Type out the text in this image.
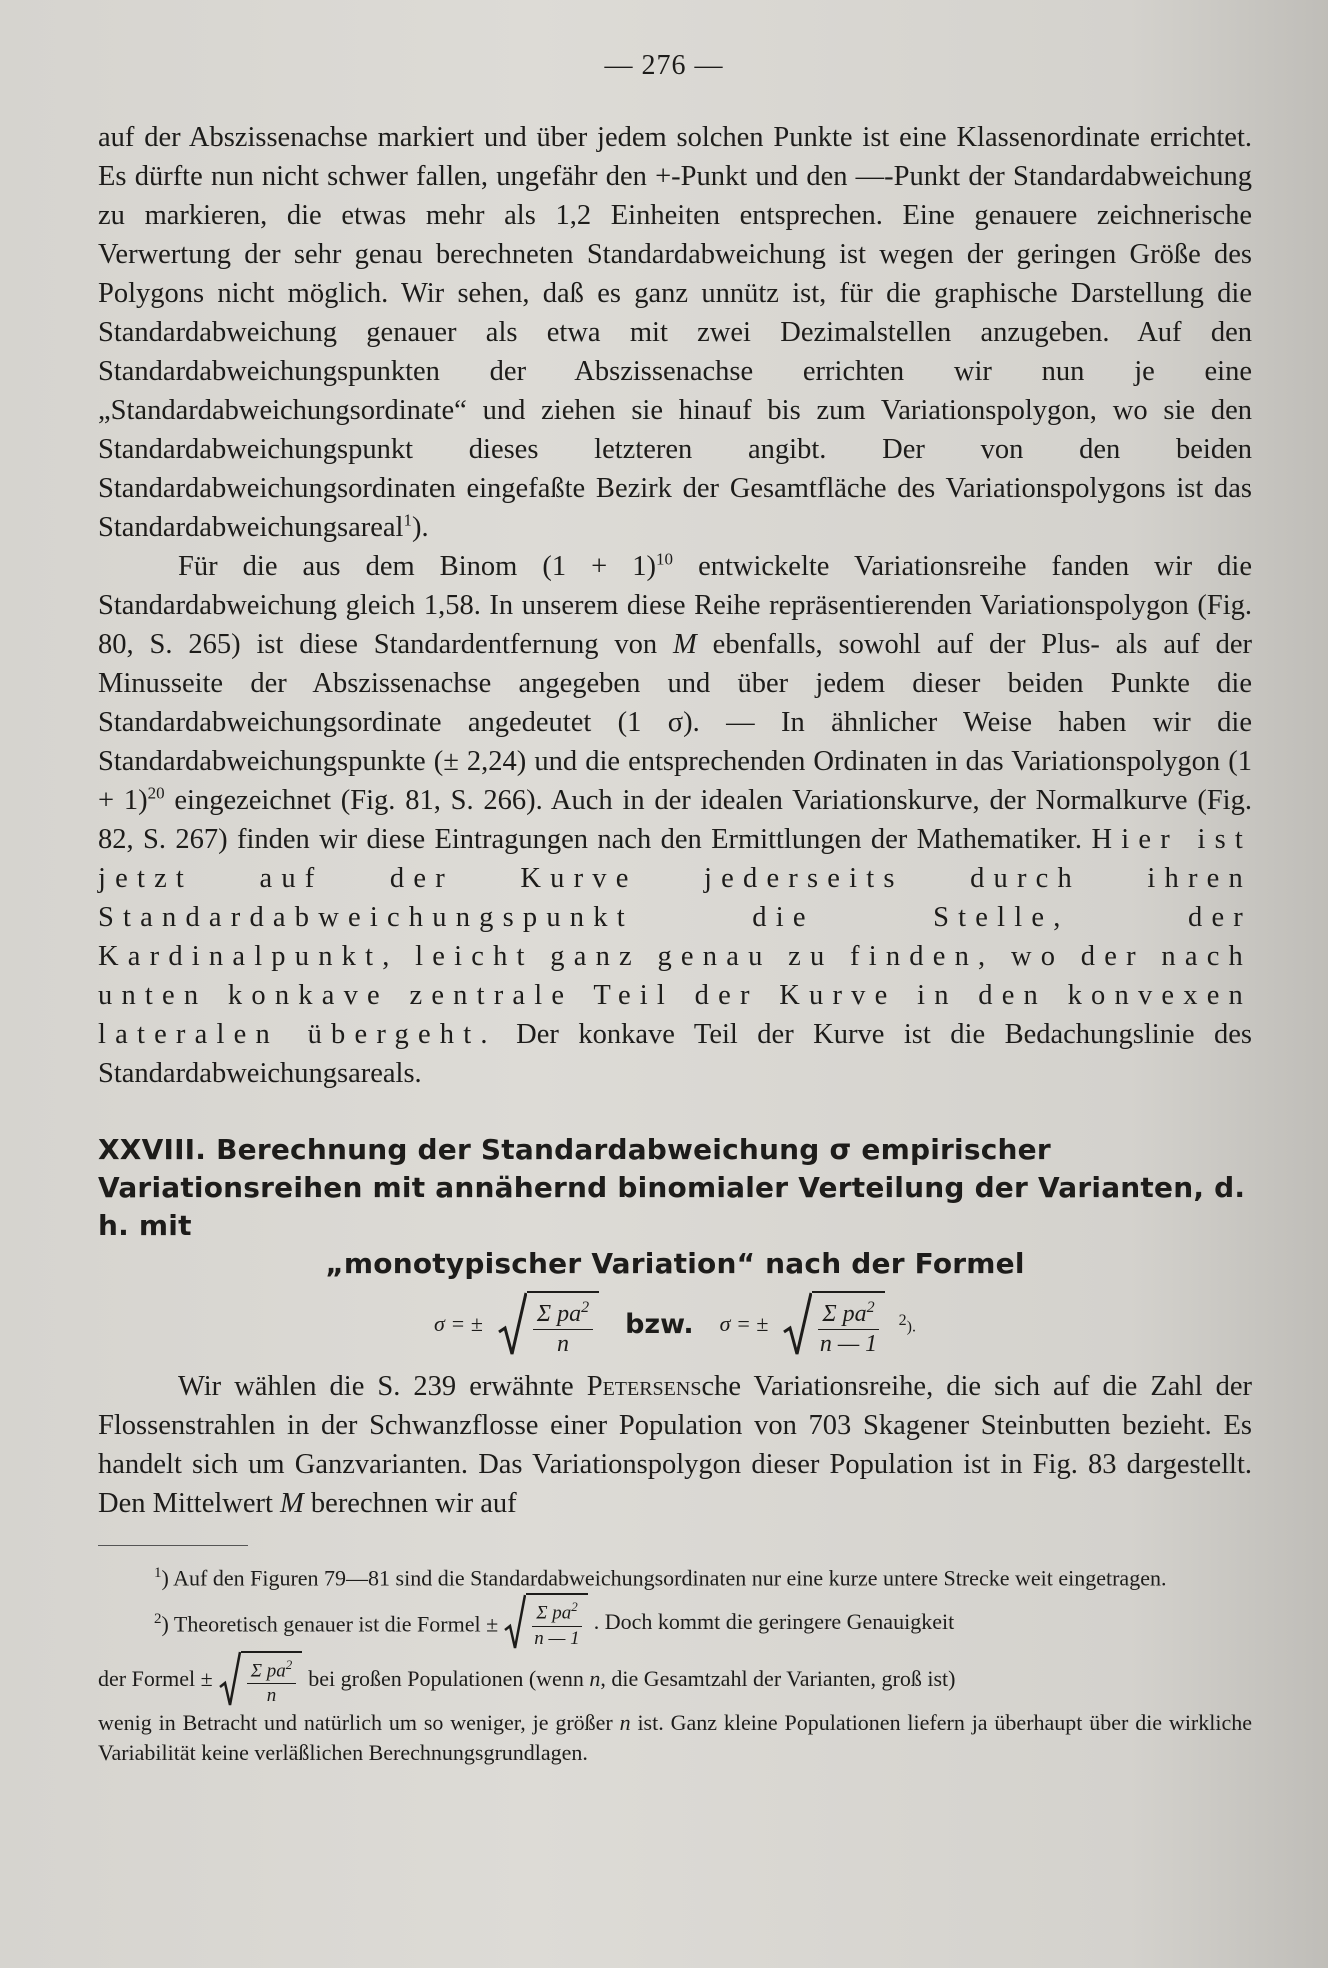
— 276 —

auf der Abszissenachse markiert und über jedem solchen Punkte ist eine Klassenordinate errichtet. Es dürfte nun nicht schwer fallen, ungefähr den +-Punkt und den —-Punkt der Standardabweichung zu markieren, die etwas mehr als 1,2 Einheiten entsprechen. Eine genauere zeichnerische Verwertung der sehr genau berechneten Standardabweichung ist wegen der geringen Größe des Polygons nicht möglich. Wir sehen, daß es ganz unnütz ist, für die graphische Darstellung die Standardabweichung genauer als etwa mit zwei Dezimalstellen anzugeben. Auf den Standardabweichungspunkten der Abszissenachse errichten wir nun je eine „Standardabweichungsordinate“ und ziehen sie hinauf bis zum Variationspolygon, wo sie den Standardabweichungspunkt dieses letzteren angibt. Der von den beiden Standardabweichungsordinaten eingefaßte Bezirk der Gesamtfläche des Variationspolygons ist das Standardabweichungsareal$^1$).

Für die aus dem Binom $(1 + 1)^{10}$ entwickelte Variationsreihe fanden wir die Standardabweichung gleich 1,58. In unserem diese Reihe repräsentierenden Variationspolygon (Fig. 80, S. 265) ist diese Standardentfernung von M ebenfalls, sowohl auf der Plus- als auf der Minusseite der Abszissenachse angegeben und über jedem dieser beiden Punkte die Standardabweichungsordinate angedeutet (1 σ). — In ähnlicher Weise haben wir die Standardabweichungspunkte (± 2,24) und die entsprechenden Ordinaten in das Variationspolygon $(1 + 1)^{20}$ eingezeichnet (Fig. 81, S. 266). Auch in der idealen Variationskurve, der Normalkurve (Fig. 82, S. 267) finden wir diese Eintragungen nach den Ermittlungen der Mathematiker. Hier ist jetzt auf der Kurve jederseits durch ihren Standardabweichungspunkt die Stelle, der Kardinalpunkt, leicht ganz genau zu finden, wo der nach unten konkave zentrale Teil der Kurve in den konvexen lateralen übergeht. Der konkave Teil der Kurve ist die Bedachungslinie des Standardabweichungsareals.

XXVIII. Berechnung der Standardabweichung σ empirischer Variationsreihen mit annähernd binomialer Verteilung der Varianten, d. h. mit
„monotypischer Variation“ nach der Formel
σ = ± $\frac{\Sigma pa^2}{n}$ bzw. σ = ± $\frac{\Sigma pa^2}{n — 1} 2$).

Wir wählen die S. 239 erwähnte Petersensche Variationsreihe, die sich auf die Zahl der Flossenstrahlen in der Schwanzflosse einer Population von 703 Skagener Steinbutten bezieht. Es handelt sich um Ganzvarianten. Das Variationspolygon dieser Population ist in Fig. 83 dargestellt. Den Mittelwert M berechnen wir auf

$^1$) Auf den Figuren 79—81 sind die Standardabweichungsordinaten nur eine kurze untere Strecke weit eingetragen.
$^2$) Theoretisch genauer ist die Formel ± $\frac{\Sigma pa^2}{n — 1}$ . Doch kommt die geringere Genauigkeit
der Formel ± $\frac{\Sigma pa^2}{n}$ bei großen Populationen (wenn n, die Gesamtzahl der Varianten, groß ist)
wenig in Betracht und natürlich um so weniger, je größer n ist. Ganz kleine Populationen liefern ja überhaupt über die wirkliche Variabilität keine verläßlichen Berechnungsgrundlagen.
